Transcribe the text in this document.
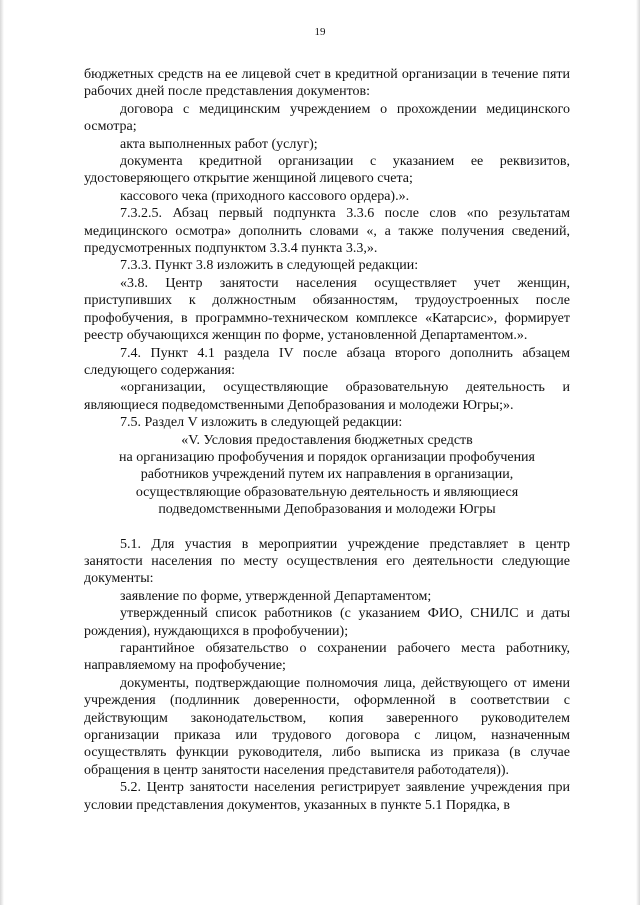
19

бюджетных средств на ее лицевой счет в кредитной организации в течение пяти рабочих дней после представления документов:

договора с медицинским учреждением о прохождении медицинского осмотра;

акта выполненных работ (услуг);

документа кредитной организации с указанием ее реквизитов, удостоверяющего открытие женщиной лицевого счета;

кассового чека (приходного кассового ордера).».

7.3.2.5. Абзац первый подпункта 3.3.6 после слов «по результатам медицинского осмотра» дополнить словами «, а также получения сведений, предусмотренных подпунктом 3.3.4 пункта 3.3,».

7.3.3. Пункт 3.8 изложить в следующей редакции:

«3.8. Центр занятости населения осуществляет учет женщин, приступивших к должностным обязанностям, трудоустроенных после профобучения, в программно-техническом комплексе «Катарсис», формирует реестр обучающихся женщин по форме, установленной Департаментом.».

7.4. Пункт 4.1 раздела IV после абзаца второго дополнить абзацем следующего содержания:

«организации, осуществляющие образовательную деятельность и являющиеся подведомственными Депобразования и молодежи Югры;».

7.5. Раздел V изложить в следующей редакции:

«V. Условия предоставления бюджетных средств

на организацию профобучения и порядок организации профобучения

работников учреждений путем их направления в организации,

осуществляющие образовательную деятельность и являющиеся

подведомственными Депобразования и молодежи Югры

5.1. Для участия в мероприятии учреждение представляет в центр занятости населения по месту осуществления его деятельности следующие документы:

заявление по форме, утвержденной Департаментом;

утвержденный список работников (с указанием ФИО, СНИЛС и даты рождения), нуждающихся в профобучении);

гарантийное обязательство о сохранении рабочего места работнику, направляемому на профобучение;

документы, подтверждающие полномочия лица, действующего от имени учреждения (подлинник доверенности, оформленной в соответствии с действующим законодательством, копия заверенного руководителем организации приказа или трудового договора с лицом, назначенным осуществлять функции руководителя, либо выписка из приказа (в случае обращения в центр занятости населения представителя работодателя)).

5.2. Центр занятости населения регистрирует заявление учреждения при условии представления документов, указанных в пункте 5.1 Порядка, в
